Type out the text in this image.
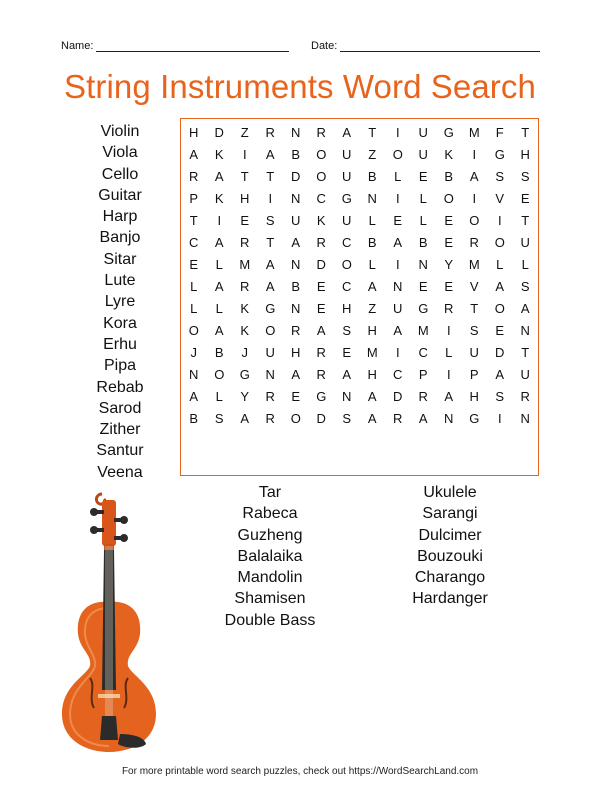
Name:	Date:
String Instruments Word Search
Violin
Viola
Cello
Guitar
Harp
Banjo
Sitar
Lute
Lyre
Kora
Erhu
Pipa
Rebab
Sarod
Zither
Santur
Veena
H	D	Z	R	N	R	A	T	I	U	G	M	F	T
A	K	I	A	B	O	U	Z	O	U	K	I	G	H
R	A	T	T	D	O	U	B	L	E	B	A	S	S
P	K	H	I	N	C	G	N	I	L	O	I	V	E
T	I	E	S	U	K	U	L	E	L	E	O	I	T
C	A	R	T	A	R	C	B	A	B	E	R	O	U
E	L	M	A	N	D	O	L	I	N	Y	M	L	L
L	A	R	A	B	E	C	A	N	E	E	V	A	S
L	L	K	G	N	E	H	Z	U	G	R	T	O	A
O	A	K	O	R	A	S	H	A	M	I	S	E	N
J	B	J	U	H	R	E	M	I	C	L	U	D	T
N	O	G	N	A	R	A	H	C	P	I	P	A	U
A	L	Y	R	E	G	N	A	D	R	A	H	S	R
B	S	A	R	O	D	S	A	R	A	N	G	I	N
Tar
Rabeca
Guzheng
Balalaika
Mandolin
Shamisen
Double Bass
Ukulele
Sarangi
Dulcimer
Bouzouki
Charango
Hardanger
For more printable word search puzzles, check out https://WordSearchLand.com
